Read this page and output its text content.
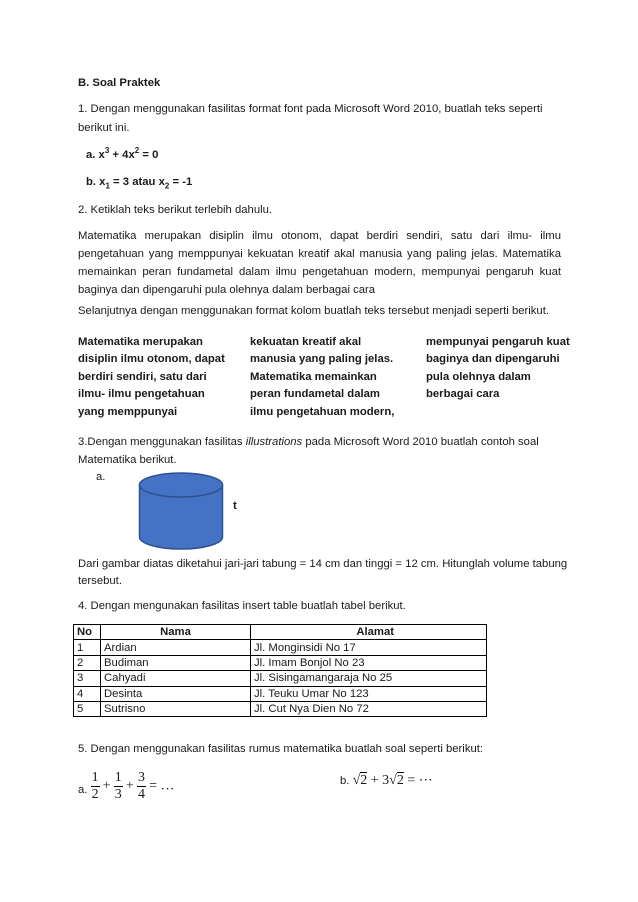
B. Soal Praktek
1. Dengan menggunakan fasilitas format font pada Microsoft Word 2010, buatlah teks seperti
berikut ini.
a. $x^3 + 4x^2 = 0$
b. $x_1 = 3$ atau $x_2 = -1$
2. Ketiklah teks berikut terlebih dahulu.
Matematika merupakan disiplin ilmu otonom, dapat berdiri sendiri, satu dari ilmu- ilmu pengetahuan yang memppunyai kekuatan kreatif akal manusia yang paling jelas. Matematika memainkan peran fundametal dalam ilmu pengetahuan modern, mempunyai pengaruh kuat baginya dan dipengaruhi pula olehnya dalam berbagai cara
Selanjutnya dengan menggunakan format kolom buatlah teks tersebut menjadi seperti berikut.
Matematika merupakan
disiplin ilmu otonom, dapat
berdiri sendiri, satu dari
ilmu- ilmu pengetahuan
yang memppunyai
kekuatan kreatif akal
manusia yang paling jelas.
Matematika memainkan
peran fundametal dalam
ilmu pengetahuan modern,
mempunyai pengaruh kuat
baginya dan dipengaruhi
pula olehnya dalam
berbagai cara
3.Dengan menggunakan fasilitas illustrations pada Microsoft Word 2010 buatlah contoh soal
Matematika berikut.
a.
t
Dari gambar diatas diketahui jari-jari tabung = 14 cm dan tinggi = 12 cm. Hitunglah volume tabung
tersebut.
4. Dengan mengunakan fasilitas insert table buatlah tabel berikut.
No	Nama	Alamat
1	Ardian	Jl. Monginsidi No 17
2	Budiman	Jl. Imam Bonjol No 23
3	Cahyadi	Jl. Sisingamangaraja No 25
4	Desinta	Jl. Teuku Umar No 123
5	Sutrisno	Jl. Cut Nya Dien No 72
5. Dengan menggunakan fasilitas rumus matematika buatlah soal seperti berikut:
a. $\frac{1}{2} + \frac{1}{3} + \frac{3}{4}$ = …	b. √2 + 3√2 = ⋯
